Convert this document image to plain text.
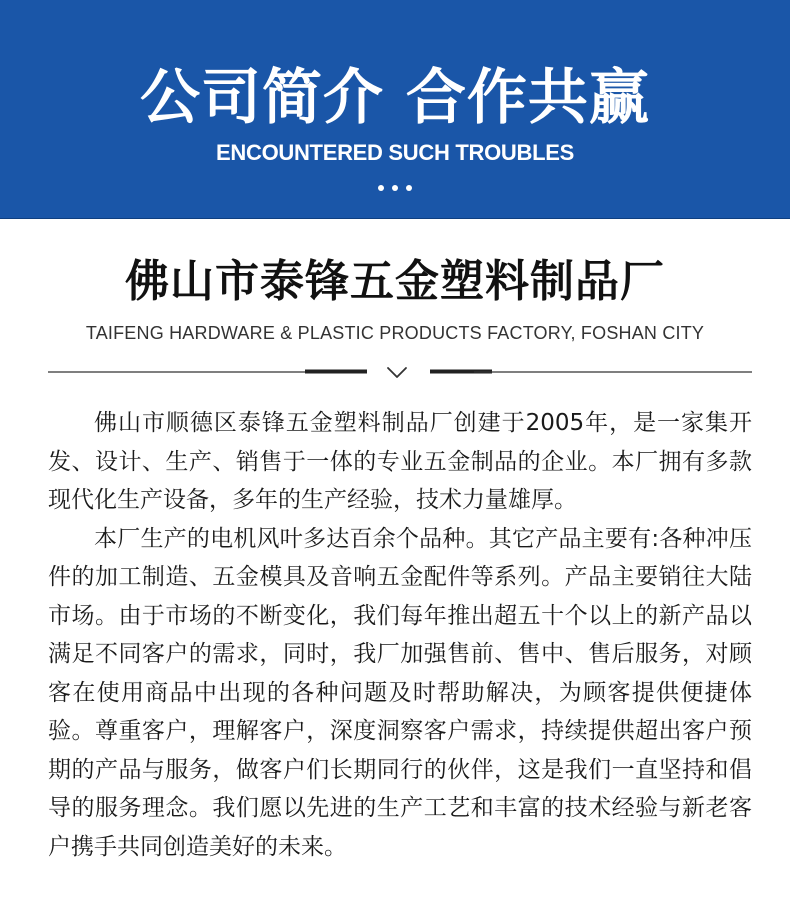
公司简介 合作共赢
ENCOUNTERED SUCH TROUBLES
佛山市泰锋五金塑料制品厂
TAIFENG HARDWARE & PLASTIC PRODUCTS FACTORY, FOSHAN CITY

佛山市顺德区泰锋五金塑料制品厂创建于2005年，是一家集开发、设计、生产、销售于一体的专业五金制品的企业。本厂拥有多款现代化生产设备，多年的生产经验，技术力量雄厚。

本厂生产的电机风叶多达百余个品种。其它产品主要有:各种冲压件的加工制造、五金模具及音响五金配件等系列。产品主要销往大陆市场。由于市场的不断变化，我们每年推出超五十个以上的新产品以满足不同客户的需求，同时，我厂加强售前、售中、售后服务，对顾客在使用商品中出现的各种问题及时帮助解决，为顾客提供便捷体验。尊重客户，理解客户，深度洞察客户需求，持续提供超出客户预期的产品与服务，做客户们长期同行的伙伴，这是我们一直坚持和倡导的服务理念。我们愿以先进的生产工艺和丰富的技术经验与新老客户携手共同创造美好的未来。
